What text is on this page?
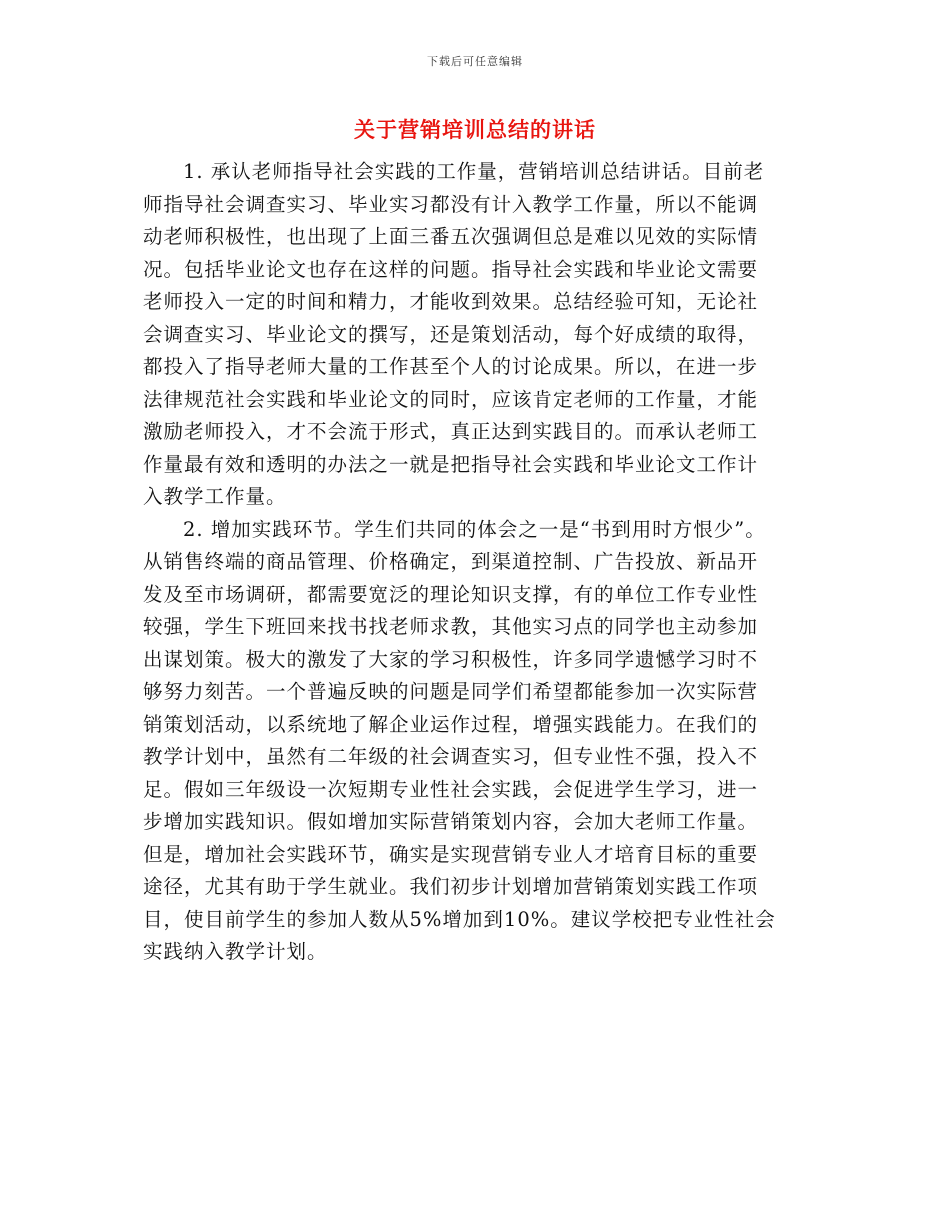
下载后可任意编辑
关于营销培训总结的讲话

1. 承认老师指导社会实践的工作量，营销培训总结讲话。目前老
师指导社会调查实习、毕业实习都没有计入教学工作量，所以不能调
动老师积极性，也出现了上面三番五次强调但总是难以见效的实际情
况。包括毕业论文也存在这样的问题。指导社会实践和毕业论文需要
老师投入一定的时间和精力，才能收到效果。总结经验可知，无论社
会调查实习、毕业论文的撰写，还是策划活动，每个好成绩的取得，
都投入了指导老师大量的工作甚至个人的讨论成果。所以，在进一步
法律规范社会实践和毕业论文的同时，应该肯定老师的工作量，才能
激励老师投入，才不会流于形式，真正达到实践目的。而承认老师工
作量最有效和透明的办法之一就是把指导社会实践和毕业论文工作计
入教学工作量。

2. 增加实践环节。学生们共同的体会之一是“书到用时方恨少”。
从销售终端的商品管理、价格确定，到渠道控制、广告投放、新品开
发及至市场调研，都需要宽泛的理论知识支撑，有的单位工作专业性
较强，学生下班回来找书找老师求教，其他实习点的同学也主动参加
出谋划策。极大的激发了大家的学习积极性，许多同学遗憾学习时不
够努力刻苦。一个普遍反映的问题是同学们希望都能参加一次实际营
销策划活动，以系统地了解企业运作过程，增强实践能力。在我们的
教学计划中，虽然有二年级的社会调查实习，但专业性不强，投入不
足。假如三年级设一次短期专业性社会实践，会促进学生学习，进一
步增加实践知识。假如增加实际营销策划内容，会加大老师工作量。
但是，增加社会实践环节，确实是实现营销专业人才培育目标的重要
途径，尤其有助于学生就业。我们初步计划增加营销策划实践工作项
目，使目前学生的参加人数从5%增加到10%。建议学校把专业性社会
实践纳入教学计划。
